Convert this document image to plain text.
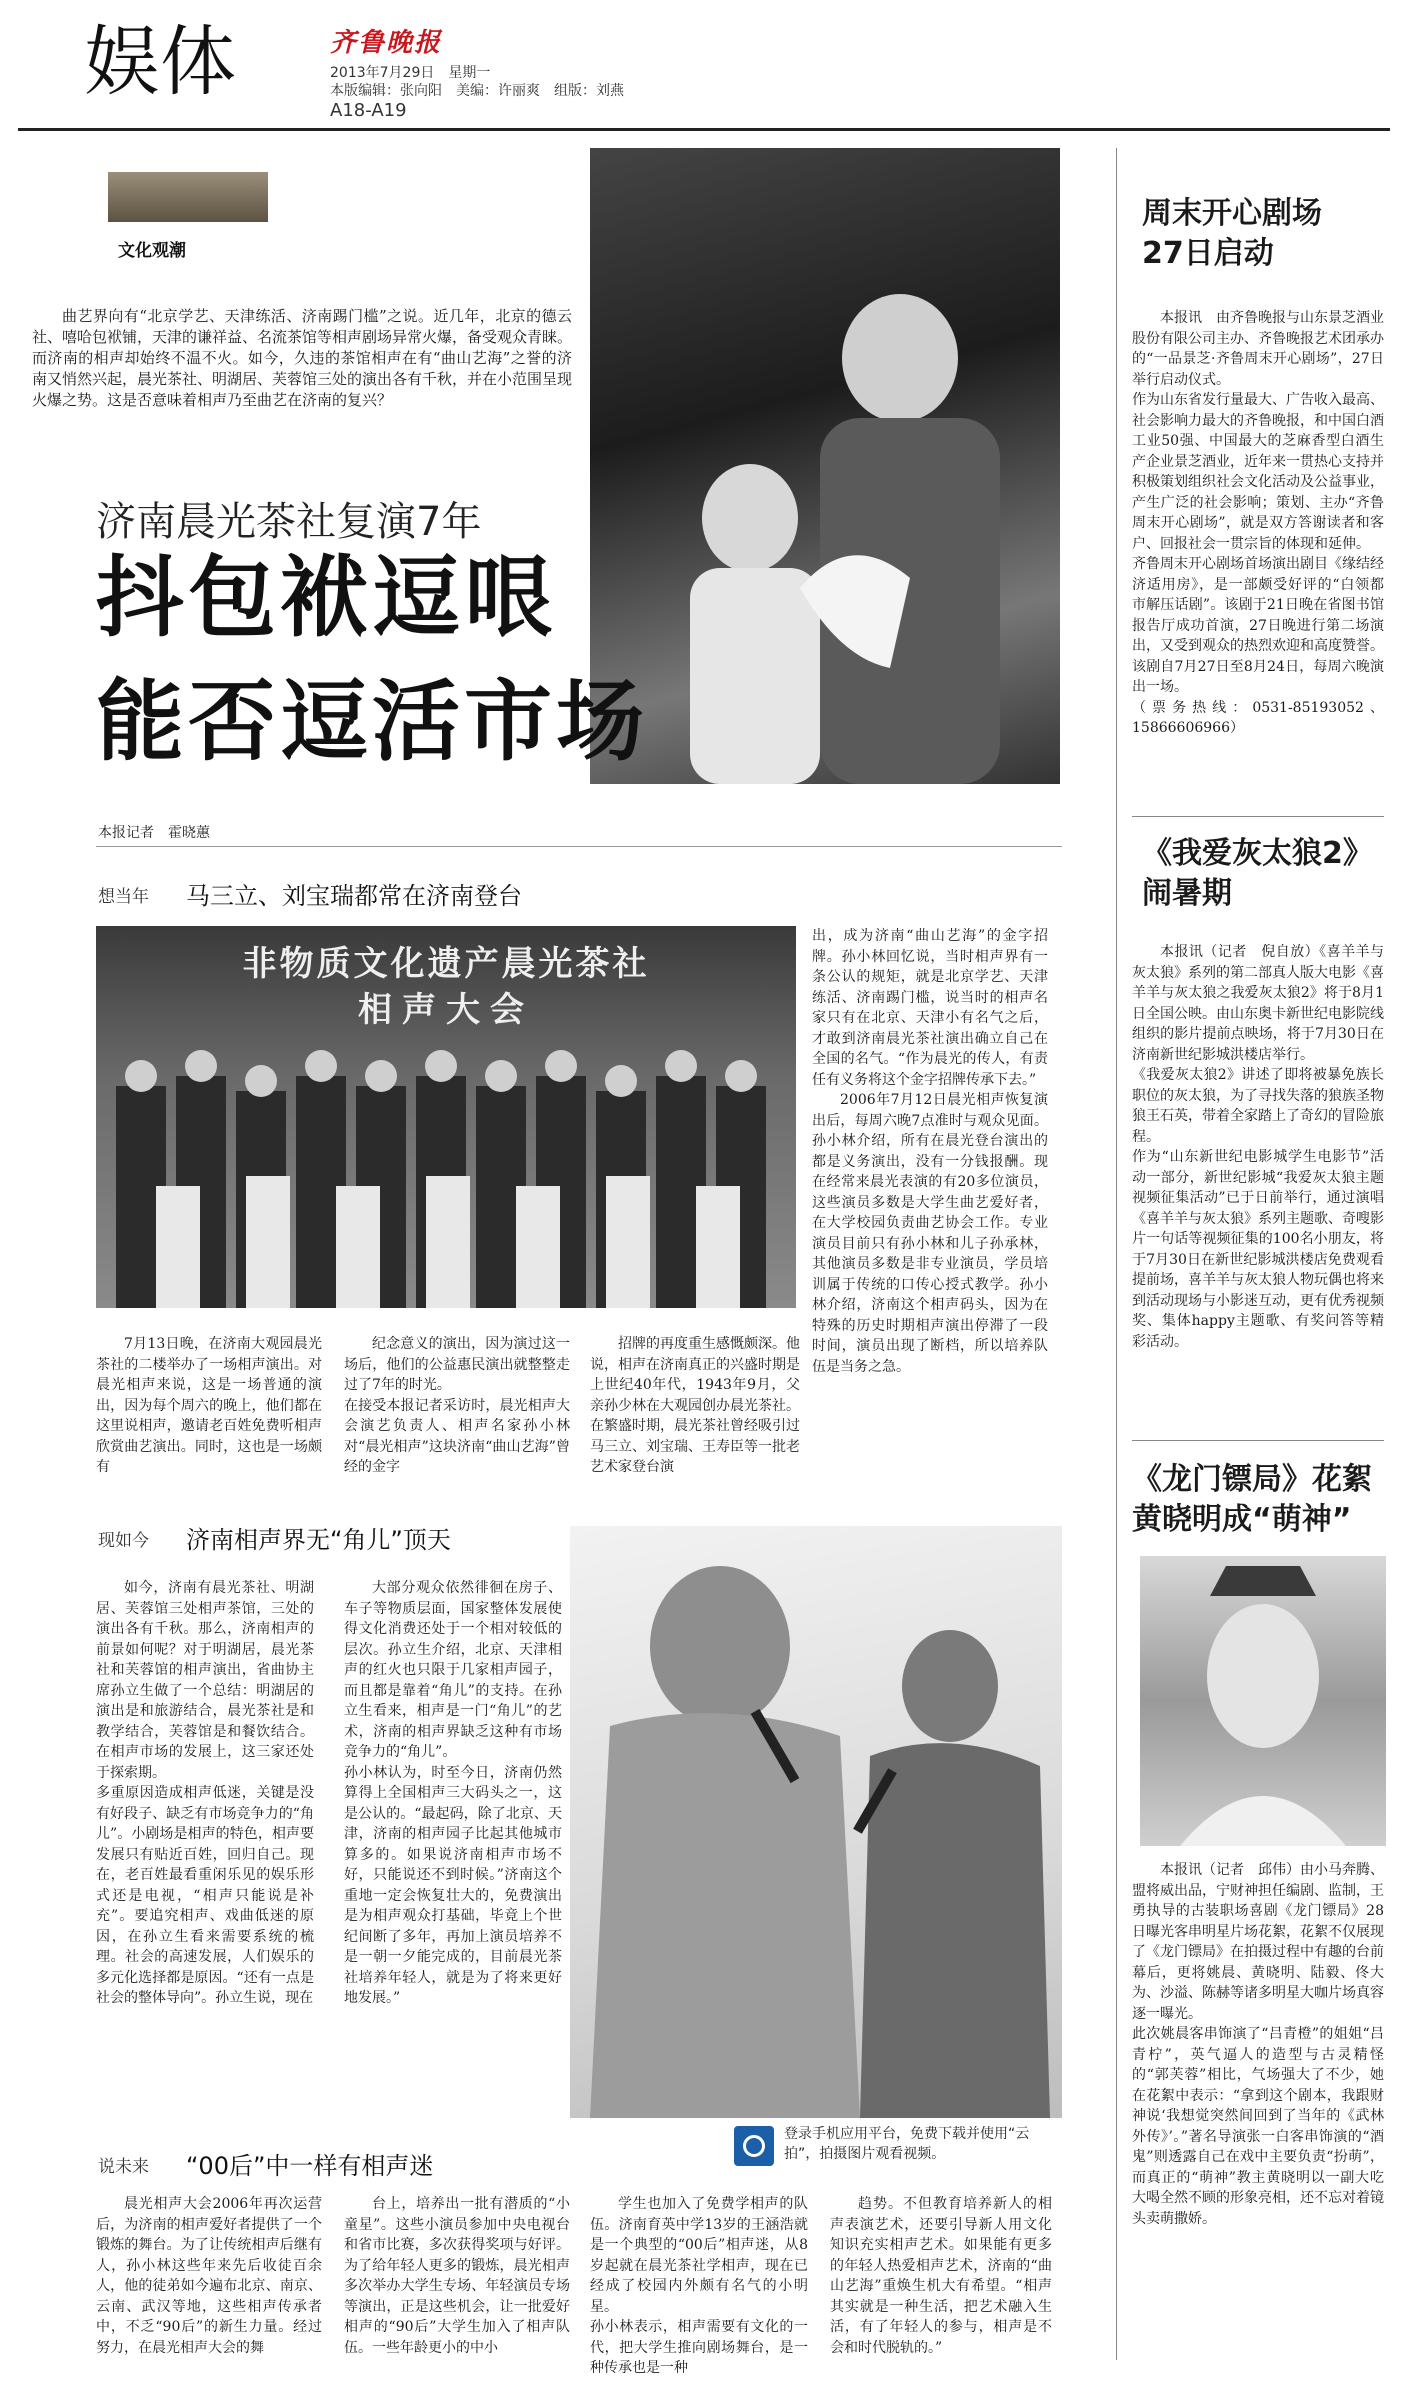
娱体	齐鲁晚报
2013年7月29日　星期一
本版编辑：张向阳　美编：许丽爽　组版：刘燕
A18-A19
文化观潮
曲艺界向有“北京学艺、天津练活、济南踢门槛”之说。近几年，北京的德云社、嘻哈包袱铺，天津的谦祥益、名流茶馆等相声剧场异常火爆，备受观众青睐。而济南的相声却始终不温不火。如今，久违的茶馆相声在有“曲山艺海”之誉的济南又悄然兴起，晨光茶社、明湖居、芙蓉馆三处的演出各有千秋，并在小范围呈现火爆之势。这是否意味着相声乃至曲艺在济南的复兴？
济南晨光茶社复演7年
抖包袱逗哏
能否逗活市场
本报记者　霍晓蕙
想当年 马三立、刘宝瑞都常在济南登台
非物质文化遗产晨光茶社
相声大会

出，成为济南“曲山艺海”的金字招牌。孙小林回忆说，当时相声界有一条公认的规矩，就是北京学艺、天津练活、济南踢门槛，说当时的相声名家只有在北京、天津小有名气之后，才敢到济南晨光茶社演出确立自己在全国的名气。“作为晨光的传人，有责任有义务将这个金字招牌传承下去。”

2006年7月12日晨光相声恢复演出后，每周六晚7点准时与观众见面。孙小林介绍，所有在晨光登台演出的都是义务演出，没有一分钱报酬。现在经常来晨光表演的有20多位演员，这些演员多数是大学生曲艺爱好者，在大学校园负责曲艺协会工作。专业演员目前只有孙小林和儿子孙承林，其他演员多数是非专业演员，学员培训属于传统的口传心授式教学。孙小林介绍，济南这个相声码头，因为在特殊的历史时期相声演出停滞了一段时间，演员出现了断档，所以培养队伍是当务之急。

7月13日晚，在济南大观园晨光茶社的二楼举办了一场相声演出。对晨光相声来说，这是一场普通的演出，因为每个周六的晚上，他们都在这里说相声，邀请老百姓免费听相声欣赏曲艺演出。同时，这也是一场颇有
纪念意义的演出，因为演过这一场后，他们的公益惠民演出就整整走过了7年的时光。
在接受本报记者采访时，晨光相声大会演艺负责人、相声名家孙小林对“晨光相声”这块济南“曲山艺海”曾经的金字
招牌的再度重生感慨颇深。他说，相声在济南真正的兴盛时期是上世纪40年代，1943年9月，父亲孙少林在大观园创办晨光茶社。在繁盛时期，晨光茶社曾经吸引过马三立、刘宝瑞、王寿臣等一批老艺术家登台演
现如今 济南相声界无“角儿”顶天
如今，济南有晨光茶社、明湖居、芙蓉馆三处相声茶馆，三处的演出各有千秋。那么，济南相声的前景如何呢？对于明湖居，晨光茶社和芙蓉馆的相声演出，省曲协主席孙立生做了一个总结：明湖居的演出是和旅游结合，晨光茶社是和教学结合，芙蓉馆是和餐饮结合。在相声市场的发展上，这三家还处于探索期。
多重原因造成相声低迷，关键是没有好段子、缺乏有市场竞争力的“角儿”。小剧场是相声的特色，相声要发展只有贴近百姓，回归自己。现在，老百姓最看重闲乐见的娱乐形式还是电视，“相声只能说是补充”。要追究相声、戏曲低迷的原因，在孙立生看来需要系统的梳理。社会的高速发展，人们娱乐的多元化选择都是原因。“还有一点是社会的整体导向”。孙立生说，现在
大部分观众依然徘徊在房子、车子等物质层面，国家整体发展使得文化消费还处于一个相对较低的层次。孙立生介绍，北京、天津相声的红火也只限于几家相声园子，而且都是靠着“角儿”的支持。在孙立生看来，相声是一门“角儿”的艺术，济南的相声界缺乏这种有市场竞争力的“角儿”。
孙小林认为，时至今日，济南仍然算得上全国相声三大码头之一，这是公认的。“最起码，除了北京、天津，济南的相声园子比起其他城市算多的。如果说济南相声市场不好，只能说还不到时候。”济南这个重地一定会恢复壮大的，免费演出是为相声观众打基础，毕竟上个世纪间断了多年，再加上演员培养不是一朝一夕能完成的，目前晨光茶社培养年轻人，就是为了将来更好地发展。”
登录手机应用平台，免费下载并使用“云拍”，拍摄图片观看视频。
说未来 “00后”中一样有相声迷
晨光相声大会2006年再次运营后，为济南的相声爱好者提供了一个锻炼的舞台。为了让传统相声后继有人，孙小林这些年来先后收徒百余人，他的徒弟如今遍布北京、南京、云南、武汉等地，这些相声传承者中，不乏“90后”的新生力量。经过努力，在晨光相声大会的舞
台上，培养出一批有潜质的“小童星”。这些小演员参加中央电视台和省市比赛，多次获得奖项与好评。为了给年轻人更多的锻炼，晨光相声多次举办大学生专场、年轻演员专场等演出，正是这些机会，让一批爱好相声的“90后”大学生加入了相声队伍。一些年龄更小的中小
学生也加入了免费学相声的队伍。济南育英中学13岁的王涵浩就是一个典型的“00后”相声迷，从8岁起就在晨光茶社学相声，现在已经成了校园内外颇有名气的小明星。
孙小林表示，相声需要有文化的一代，把大学生推向剧场舞台，是一种传承也是一种
趋势。不但教育培养新人的相声表演艺术，还要引导新人用文化知识充实相声艺术。如果能有更多的年轻人热爱相声艺术，济南的“曲山艺海”重焕生机大有希望。“相声其实就是一种生活，把艺术融入生活，有了年轻人的参与，相声是不会和时代脱轨的。”
周末开心剧场27日启动
本报讯　由齐鲁晚报与山东景芝酒业股份有限公司主办、齐鲁晚报艺术团承办的“一品景芝·齐鲁周末开心剧场”，27日举行启动仪式。
作为山东省发行量最大、广告收入最高、社会影响力最大的齐鲁晚报，和中国白酒工业50强、中国最大的芝麻香型白酒生产企业景芝酒业，近年来一贯热心支持并积极策划组织社会文化活动及公益事业，产生广泛的社会影响；策划、主办“齐鲁周末开心剧场”，就是双方答谢读者和客户、回报社会一贯宗旨的体现和延伸。
齐鲁周末开心剧场首场演出剧目《缘结经济适用房》，是一部颇受好评的“白领都市解压话剧”。该剧于21日晚在省图书馆报告厅成功首演，27日晚进行第二场演出，又受到观众的热烈欢迎和高度赞誉。该剧自7月27日至8月24日，每周六晚演出一场。
（票务热线：0531-85193052、15866606966）
《我爱灰太狼2》闹暑期
本报讯（记者　倪自放）《喜羊羊与灰太狼》系列的第二部真人版大电影《喜羊羊与灰太狼之我爱灰太狼2》将于8月1日全国公映。由山东奥卡新世纪电影院线组织的影片提前点映场，将于7月30日在济南新世纪影城洪楼店举行。
《我爱灰太狼2》讲述了即将被暴免族长职位的灰太狼，为了寻找失落的狼族圣物狼王石英，带着全家踏上了奇幻的冒险旅程。
作为“山东新世纪电影城学生电影节”活动一部分，新世纪影城“我爱灰太狼主题视频征集活动”已于日前举行，通过演唱《喜羊羊与灰太狼》系列主题歌、奇嗖影片一句话等视频征集的100名小朋友，将于7月30日在新世纪影城洪楼店免费观看提前场，喜羊羊与灰太狼人物玩偶也将来到活动现场与小影迷互动，更有优秀视频奖、集体happy主题歌、有奖问答等精彩活动。
《龙门镖局》花絮黄晓明成“萌神”
本报讯（记者　邱伟）由小马奔腾、盟将威出品，宁财神担任编剧、监制，王勇执导的古装职场喜剧《龙门镖局》28日曝光客串明星片场花絮，花絮不仅展现了《龙门镖局》在拍摄过程中有趣的台前幕后，更将姚晨、黄晓明、陆毅、佟大为、沙溢、陈赫等诸多明星大咖片场真容逐一曝光。
此次姚晨客串饰演了“吕青橙”的姐姐“吕青柠”，英气逼人的造型与古灵精怪的“郭芙蓉”相比，气场强大了不少，她在花絮中表示：“拿到这个剧本，我跟财神说‘我想觉突然间回到了当年的《武林外传》’。”著名导演张一白客串饰演的“酒鬼”则透露自己在戏中主要负责“扮萌”，而真正的“萌神”教主黄晓明以一副大吃大喝全然不顾的形象亮相，还不忘对着镜头卖萌撒娇。
